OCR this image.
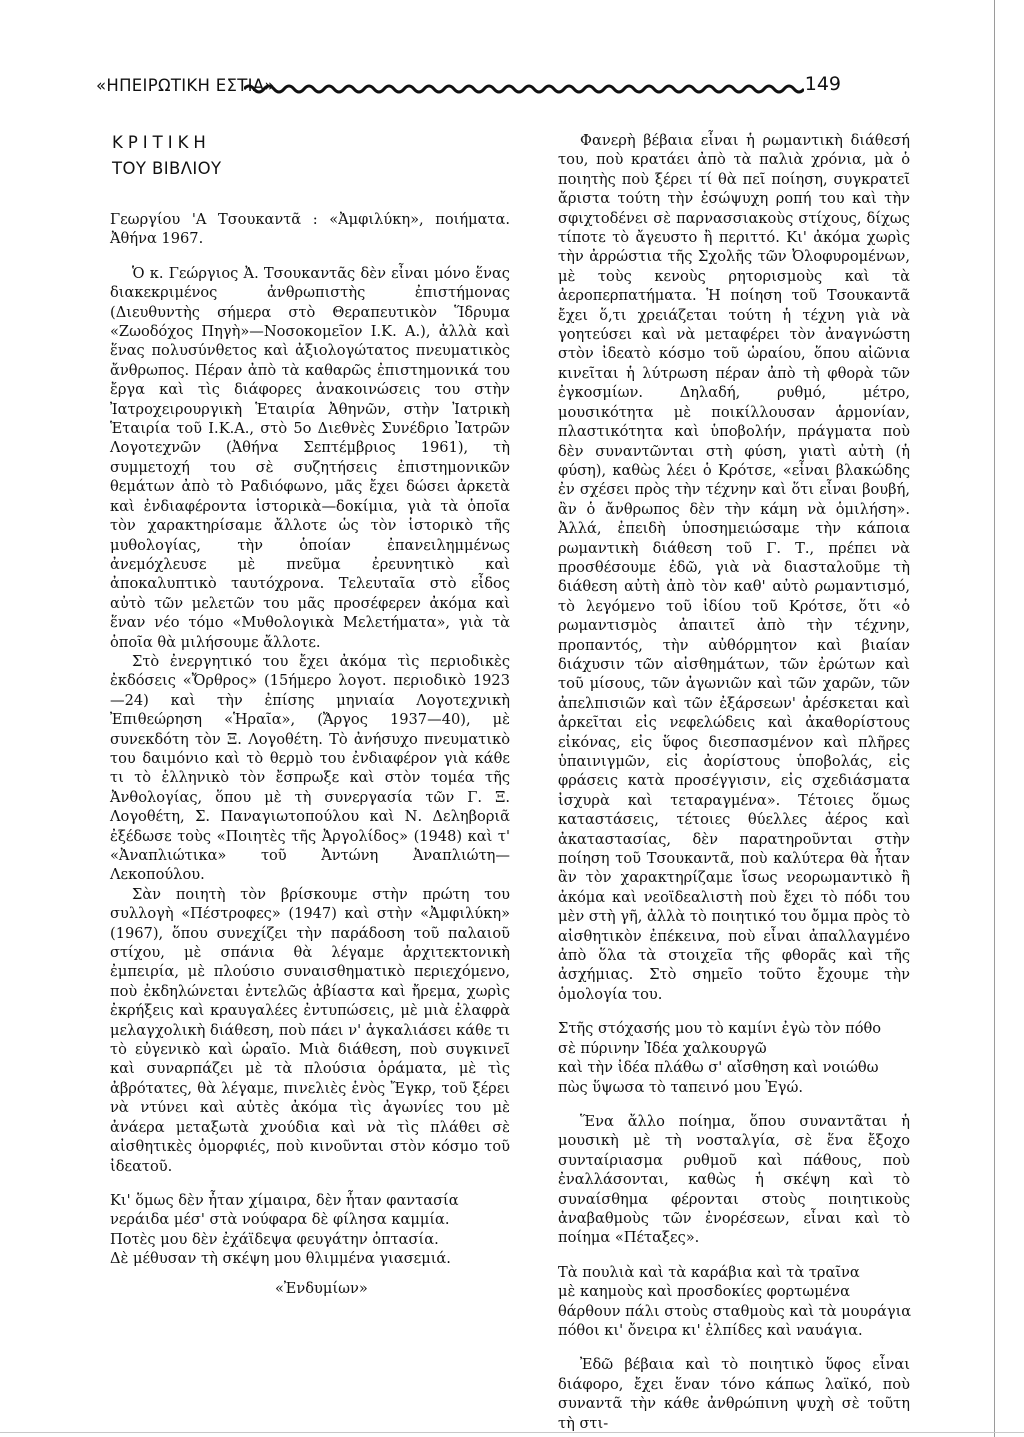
«ΗΠΕΙΡΩΤΙΚΗ ΕΣΤΙΑ»	149
ΚΡΙΤΙΚΗ
ΤΟΥ ΒΙΒΛΙΟΥ

Γεωργίου 'Α Τσουκαντᾶ : «Ἀμφιλύκη», ποιήματα. Ἀθήνα 1967.

Ὁ κ. Γεώργιος Ἀ. Τσουκαντᾶς δὲν εἶναι μόνο ἕνας διακεκριμένος ἀνθρωπιστὴς ἐπιστήμονας (Διευθυντὴς σήμερα στὸ Θεραπευτικὸν Ἵδρυμα «Ζωοδόχος Πηγὴ»—Νοσοκομεῖον Ι.Κ. Α.), ἀλλὰ καὶ ἕνας πολυσύνθετος καὶ ἀξιολογώτατος πνευματικὸς ἄνθρωπος. Πέραν ἀπὸ τὰ καθαρῶς ἐπιστημονικά του ἔργα καὶ τὶς διάφορες ἀνακοινώσεις του στὴν Ἰατροχειρουργικὴ Ἑταιρία Ἀθηνῶν, στὴν Ἰατρικὴ Ἑταιρία τοῦ Ι.Κ.Α., στὸ 5ο Διεθνὲς Συνέδριο Ἰατρῶν Λογοτεχνῶν (Ἀθήνα Σεπτέμβριος 1961), τὴ συμμετοχή του σὲ συζητήσεις ἐπιστημονικῶν θεμάτων ἀπὸ τὸ Ραδιόφωνο, μᾶς ἔχει δώσει ἀρκετὰ καὶ ἐνδιαφέροντα ἱστορικὰ—δοκίμια, γιὰ τὰ ὁποῖα τὸν χαρακτηρίσαμε ἄλλοτε ὡς τὸν ἱστορικὸ τῆς μυθολογίας, τὴν ὁποίαν ἐπανειλημμένως ἀνεμόχλευσε μὲ πνεῦμα ἐρευνητικὸ καὶ ἀποκαλυπτικὸ ταυτόχρονα. Τελευταῖα στὸ εἶδος αὐτὸ τῶν μελετῶν του μᾶς προσέφερεν ἀκόμα καὶ ἕναν νέο τόμο «Μυθολογικὰ Μελετήματα», γιὰ τὰ ὁποῖα θὰ μιλήσουμε ἄλλοτε.

Στὸ ἐνεργητικό του ἔχει ἀκόμα τὶς περιοδικὲς ἐκδόσεις «Ὄρθρος» (15ήμερο λογοτ. περιοδικὸ 1923—24) καὶ τὴν ἐπίσης μηνιαία Λογοτεχνικὴ Ἐπιθεώρηση «Ἡραῖα», (Ἄργος 1937—40), μὲ συνεκδότη τὸν Ξ. Λογοθέτη. Τὸ ἀνήσυχο πνευματικὸ του δαιμόνιο καὶ τὸ θερμὸ του ἐνδιαφέρον γιὰ κάθε τι τὸ ἑλληνικὸ τὸν ἔσπρωξε καὶ στὸν τομέα τῆς Ἀνθολογίας, ὅπου μὲ τὴ συνεργασία τῶν Γ. Ξ. Λογοθέτη, Σ. Παναγιωτοπούλου καὶ Ν. Δεληβοριᾶ ἐξέδωσε τοὺς «Ποιητὲς τῆς Ἀργολίδος» (1948) καὶ τ' «Ἀναπλιώτικα» τοῦ Ἀντώνη Ἀναπλιώτη—Λεκοπούλου.

Σὰν ποιητὴ τὸν βρίσκουμε στὴν πρώτη του συλλογὴ «Πέστροφες» (1947) καὶ στὴν «Ἀμφιλύκη» (1967), ὅπου συνεχίζει τὴν παράδοση τοῦ παλαιοῦ στίχου, μὲ σπάνια θὰ λέγαμε ἀρχιτεκτονικὴ ἐμπειρία, μὲ πλούσιο συναισθηματικὸ περιεχόμενο, ποὺ ἐκδηλώνεται ἐντελῶς ἀβίαστα καὶ ἤρεμα, χωρὶς ἐκρήξεις καὶ κραυγαλέες ἐντυπώσεις, μὲ μιὰ ἐλαφρὰ μελαγχολικὴ διάθεση, ποὺ πάει ν' ἀγκαλιάσει κάθε τι τὸ εὐγενικὸ καὶ ὡραῖο. Μιὰ διάθεση, ποὺ συγκινεῖ καὶ συναρπάζει μὲ τὰ πλούσια ὁράματα, μὲ τὶς ἀβρότατες, θὰ λέγαμε, πινελιὲς ἑνὸς Ἔγκρ, τοῦ ξέρει νὰ ντύνει καὶ αὐτὲς ἀκόμα τὶς ἀγωνίες του μὲ ἀνάερα μεταξωτὰ χνούδια καὶ νὰ τὶς πλάθει σὲ αἰσθητικὲς ὀμορφιές, ποὺ κινοῦνται στὸν κόσμο τοῦ ἰδεατοῦ.

Κι' ὅμως δὲν ἦταν χίμαιρα, δὲν ἦταν φαντασία
νεράιδα μέσ' στὰ νούφαρα δὲ φίλησα καμμία.
Ποτὲς μου δὲν ἐχάϊδεψα φευγάτην ὀπτασία.
Δὲ μέθυσαν τὴ σκέψη μου θλιμμένα γιασεμιά.
«Ἐνδυμίων»

Φανερὴ βέβαια εἶναι ἡ ρωμαντικὴ διάθεσή του, ποὺ κρατάει ἀπὸ τὰ παλιὰ χρόνια, μὰ ὁ ποιητὴς ποὺ ξέρει τί θὰ πεῖ ποίηση, συγκρατεῖ ἄριστα τούτη τὴν ἐσώψυχη ροπή του καὶ τὴν σφιχτοδένει σὲ παρνασσιακοὺς στίχους, δίχως τίποτε τὸ ἄγευστο ἢ περιττό. Κι' ἀκόμα χωρὶς τὴν ἀρρώστια τῆς Σχολῆς τῶν Ὀλοφυρομένων, μὲ τοὺς κενοὺς ρητορισμοὺς καὶ τὰ ἀεροπερπατήματα. Ἡ ποίηση τοῦ Τσουκαντᾶ ἔχει ὅ,τι χρειάζεται τούτη ἡ τέχνη γιὰ νὰ γοητεύσει καὶ νὰ μεταφέρει τὸν ἀναγνώστη στὸν ἰδεατὸ κόσμο τοῦ ὡραίου, ὅπου αἰῶνια κινεῖται ἡ λύτρωση πέραν ἀπὸ τὴ φθορὰ τῶν ἐγκοσμίων. Δηλαδή, ρυθμό, μέτρο, μουσικότητα μὲ ποικίλλουσαν ἁρμονίαν, πλαστικότητα καὶ ὑποβολήν, πράγματα ποὺ δὲν συναντῶνται στὴ φύση, γιατὶ αὐτὴ (ἡ φύση), καθὼς λέει ὁ Κρότσε, «εἶναι βλακώδης ἐν σχέσει πρὸς τὴν τέχνην καὶ ὅτι εἶναι βουβή, ἂν ὁ ἄνθρωπος δὲν τὴν κάμη νὰ ὁμιλήση». Ἀλλά, ἐπειδὴ ὑποσημειώσαμε τὴν κάποια ρωμαντικὴ διάθεση τοῦ Γ. Τ., πρέπει νὰ προσθέσουμε ἐδῶ, γιὰ νὰ διασταλοῦμε τὴ διάθεση αὐτὴ ἀπὸ τὸν καθ' αὐτὸ ρωμαντισμό, τὸ λεγόμενο τοῦ ἰδίου τοῦ Κρότσε, ὅτι «ὁ ρωμαντισμὸς ἀπαιτεῖ ἀπὸ τὴν τέχνην, προπαντός, τὴν αὐθόρμητον καὶ βιαίαν διάχυσιν τῶν αἰσθημάτων, τῶν ἐρώτων καὶ τοῦ μίσους, τῶν ἀγωνιῶν καὶ τῶν χαρῶν, τῶν ἀπελπισιῶν καὶ τῶν ἐξάρσεων' ἀρέσκεται καὶ ἀρκεῖται εἰς νεφελώδεις καὶ ἀκαθορίστους εἰκόνας, εἰς ὕφος διεσπασμένον καὶ πλῆρες ὑπαινιγμῶν, εἰς ἀορίστους ὑποβολάς, εἰς φράσεις κατὰ προσέγγισιν, εἰς σχεδιάσματα ἰσχυρὰ καὶ τεταραγμένα». Τέτοιες ὅμως καταστάσεις, τέτοιες θύελλες ἀέρος καὶ ἀκαταστασίας, δὲν παρατηροῦνται στὴν ποίηση τοῦ Τσουκαντᾶ, ποὺ καλύτερα θὰ ἦταν ἂν τὸν χαρακτηρίζαμε ἴσως νεορωμαντικὸ ἢ ἀκόμα καὶ νεοϊδεαλιστὴ ποὺ ἔχει τὸ πόδι του μὲν στὴ γῆ, ἀλλὰ τὸ ποιητικό του ὄμμα πρὸς τὸ αἰσθητικὸν ἐπέκεινα, ποὺ εἶναι ἀπαλλαγμένο ἀπὸ ὅλα τὰ στοιχεῖα τῆς φθορᾶς καὶ τῆς ἀσχήμιας. Στὸ σημεῖο τοῦτο ἔχουμε τὴν ὁμολογία του.

Στῆς στόχασής μου τὸ καμίνι ἐγὼ τὸν πόθο
σὲ πύρινην Ἰδέα χαλκουργῶ
καὶ τὴν ἰδέα πλάθω σ' αἴσθηση καὶ νοιώθω
πὼς ὕψωσα τὸ ταπεινό μου Ἐγώ.

Ἕνα ἄλλο ποίημα, ὅπου συναντᾶται ἡ μουσικὴ μὲ τὴ νοσταλγία, σὲ ἕνα ἔξοχο συνταίριασμα ρυθμοῦ καὶ πάθους, ποὺ ἐναλλάσονται, καθὼς ἡ σκέψη καὶ τὸ συναίσθημα φέρονται στοὺς ποιητικοὺς ἀναβαθμοὺς τῶν ἐνορέσεων, εἶναι καὶ τὸ ποίημα «Πέταξες».

Τὰ πουλιὰ καὶ τὰ καράβια καὶ τὰ τραῖνα
μὲ καημοὺς καὶ προσδοκίες φορτωμένα
θάρθουν πάλι στοὺς σταθμοὺς καὶ τὰ μουράγια
πόθοι κι' ὄνειρα κι' ἐλπίδες καὶ ναυάγια.

Ἐδῶ βέβαια καὶ τὸ ποιητικὸ ὕφος εἶναι διάφορο, ἔχει ἕναν τόνο κάπως λαϊκό, ποὺ συναντᾶ τὴν κάθε ἀνθρώπινη ψυχὴ σὲ τοῦτη τὴ στι-
